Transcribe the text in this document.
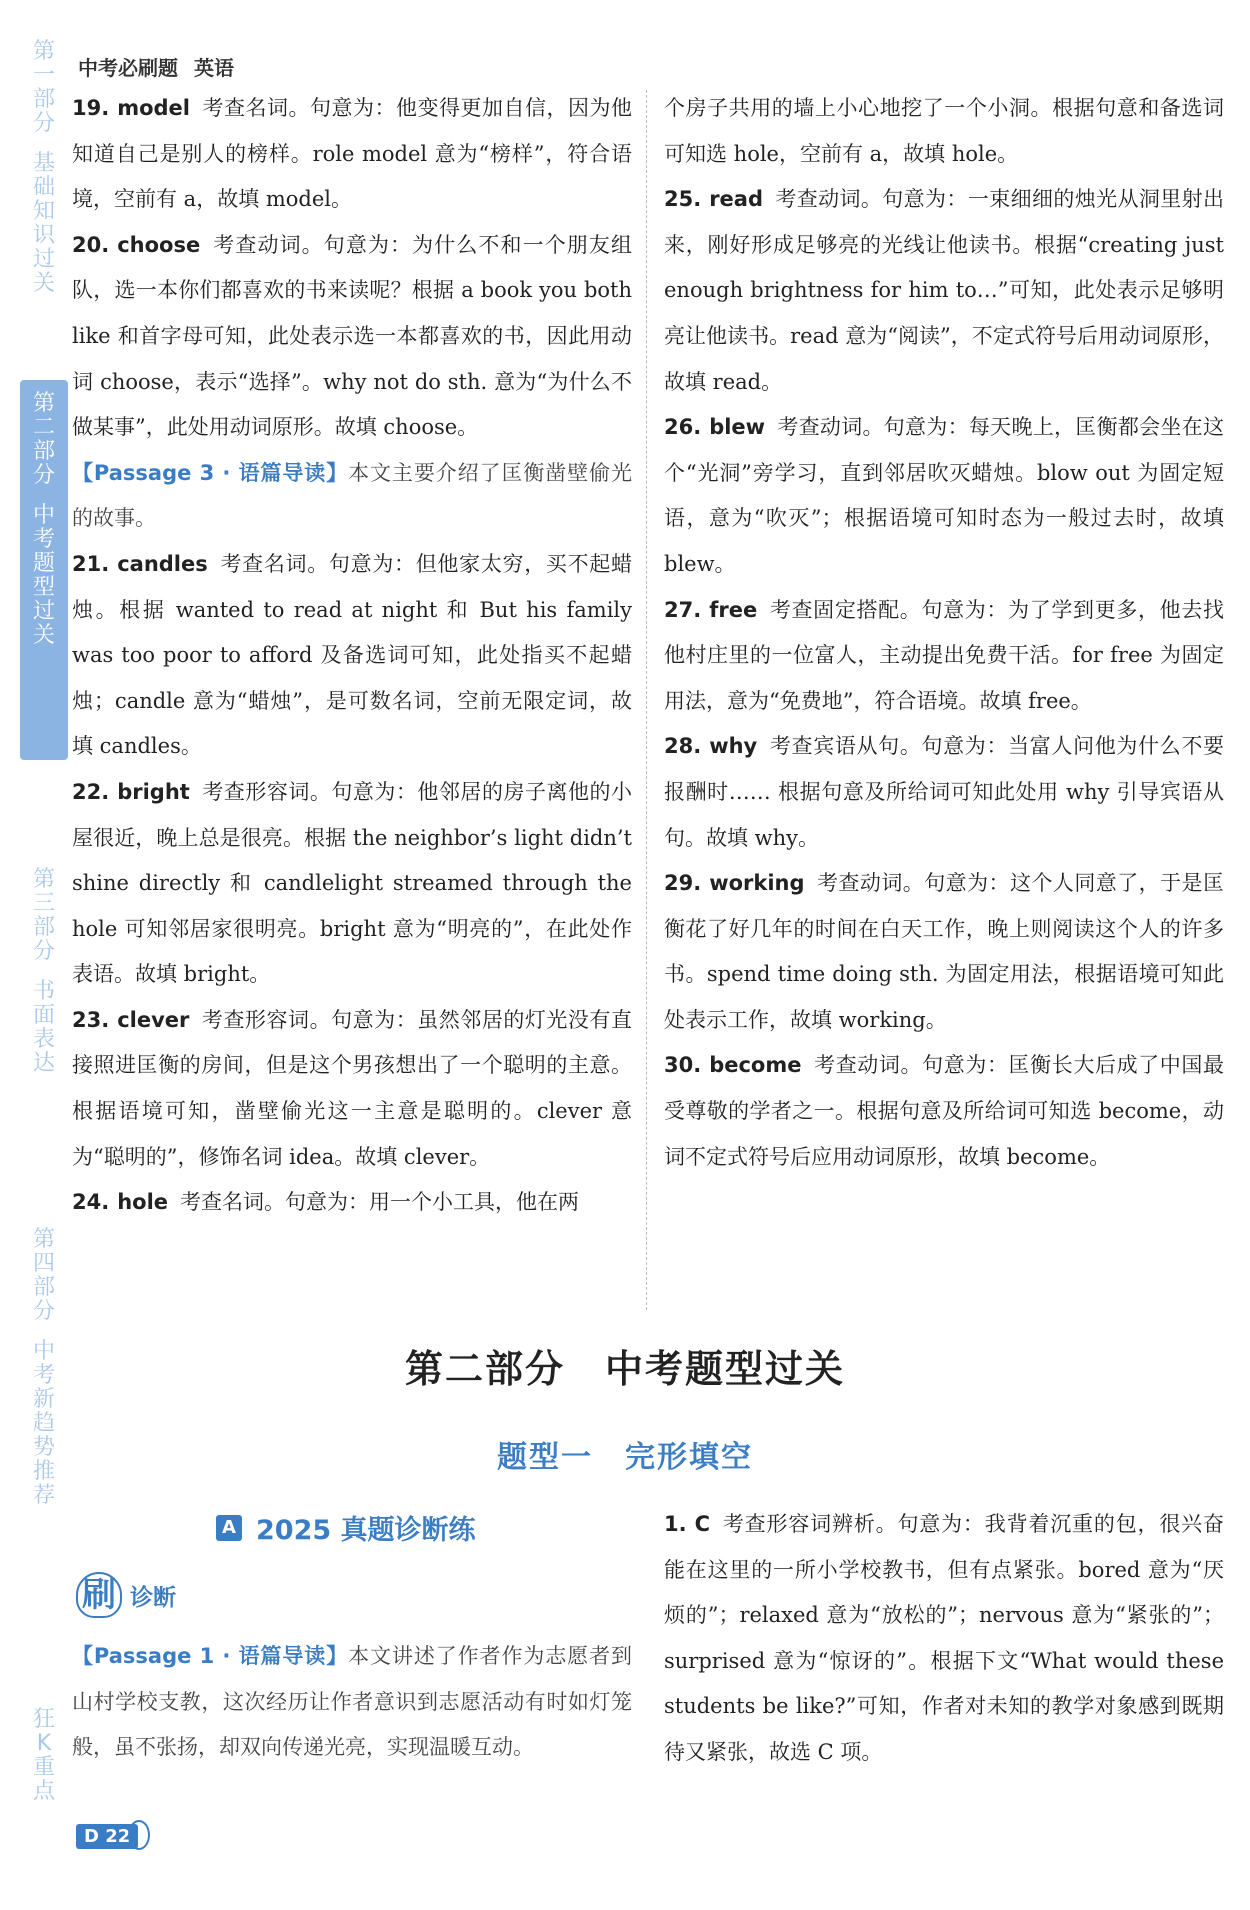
第
一
部
分
基
础
知
识
过
关
第
二
部
分
中
考
题
型
过
关
第
三
部
分
书
面
表
达
第
四
部
分
中
考
新
趋
势
推
荐
狂
K
重
点
中考必刷题 英语

19. model 考查名词。句意为：他变得更加自信，因为他知道自己是别人的榜样。role model 意为“榜样”，符合语境，空前有 a，故填 model。

20. choose 考查动词。句意为：为什么不和一个朋友组队，选一本你们都喜欢的书来读呢？根据 a book you both like 和首字母可知，此处表示选一本都喜欢的书，因此用动词 choose，表示“选择”。why not do sth. 意为“为什么不做某事”，此处用动词原形。故填 choose。

【Passage 3 · 语篇导读】本文主要介绍了匡衡凿壁偷光的故事。

21. candles 考查名词。句意为：但他家太穷，买不起蜡烛。根据 wanted to read at night 和 But his family was too poor to afford 及备选词可知，此处指买不起蜡烛；candle 意为“蜡烛”，是可数名词，空前无限定词，故填 candles。

22. bright 考查形容词。句意为：他邻居的房子离他的小屋很近，晚上总是很亮。根据 the neighbor’s light didn’t shine directly 和 candlelight streamed through the hole 可知邻居家很明亮。bright 意为“明亮的”，在此处作表语。故填 bright。

23. clever 考查形容词。句意为：虽然邻居的灯光没有直接照进匡衡的房间，但是这个男孩想出了一个聪明的主意。根据语境可知，凿壁偷光这一主意是聪明的。clever 意为“聪明的”，修饰名词 idea。故填 clever。

24. hole 考查名词。句意为：用一个小工具，他在两

个房子共用的墙上小心地挖了一个小洞。根据句意和备选词可知选 hole，空前有 a，故填 hole。

25. read 考查动词。句意为：一束细细的烛光从洞里射出来，刚好形成足够亮的光线让他读书。根据“creating just enough brightness for him to…”可知，此处表示足够明亮让他读书。read 意为“阅读”，不定式符号后用动词原形，故填 read。

26. blew 考查动词。句意为：每天晚上，匡衡都会坐在这个“光洞”旁学习，直到邻居吹灭蜡烛。blow out 为固定短语，意为“吹灭”；根据语境可知时态为一般过去时，故填 blew。

27. free 考查固定搭配。句意为：为了学到更多，他去找他村庄里的一位富人，主动提出免费干活。for free 为固定用法，意为“免费地”，符合语境。故填 free。

28. why 考查宾语从句。句意为：当富人问他为什么不要报酬时…… 根据句意及所给词可知此处用 why 引导宾语从句。故填 why。

29. working 考查动词。句意为：这个人同意了，于是匡衡花了好几年的时间在白天工作，晚上则阅读这个人的许多书。spend time doing sth. 为固定用法，根据语境可知此处表示工作，故填 working。

30. become 考查动词。句意为：匡衡长大后成了中国最受尊敬的学者之一。根据句意及所给词可知选 become，动词不定式符号后应用动词原形，故填 become。

第二部分　中考题型过关
题型一　完形填空
A 2025 真题诊断练
刷 诊断

【Passage 1 · 语篇导读】本文讲述了作者作为志愿者到山村学校支教，这次经历让作者意识到志愿活动有时如灯笼般，虽不张扬，却双向传递光亮，实现温暖互动。

1. C 考查形容词辨析。句意为：我背着沉重的包，很兴奋能在这里的一所小学校教书，但有点紧张。bored 意为“厌烦的”；relaxed 意为“放松的”；nervous 意为“紧张的”；surprised 意为“惊讶的”。根据下文“What would these students be like?”可知，作者对未知的教学对象感到既期待又紧张，故选 C 项。

D 22
